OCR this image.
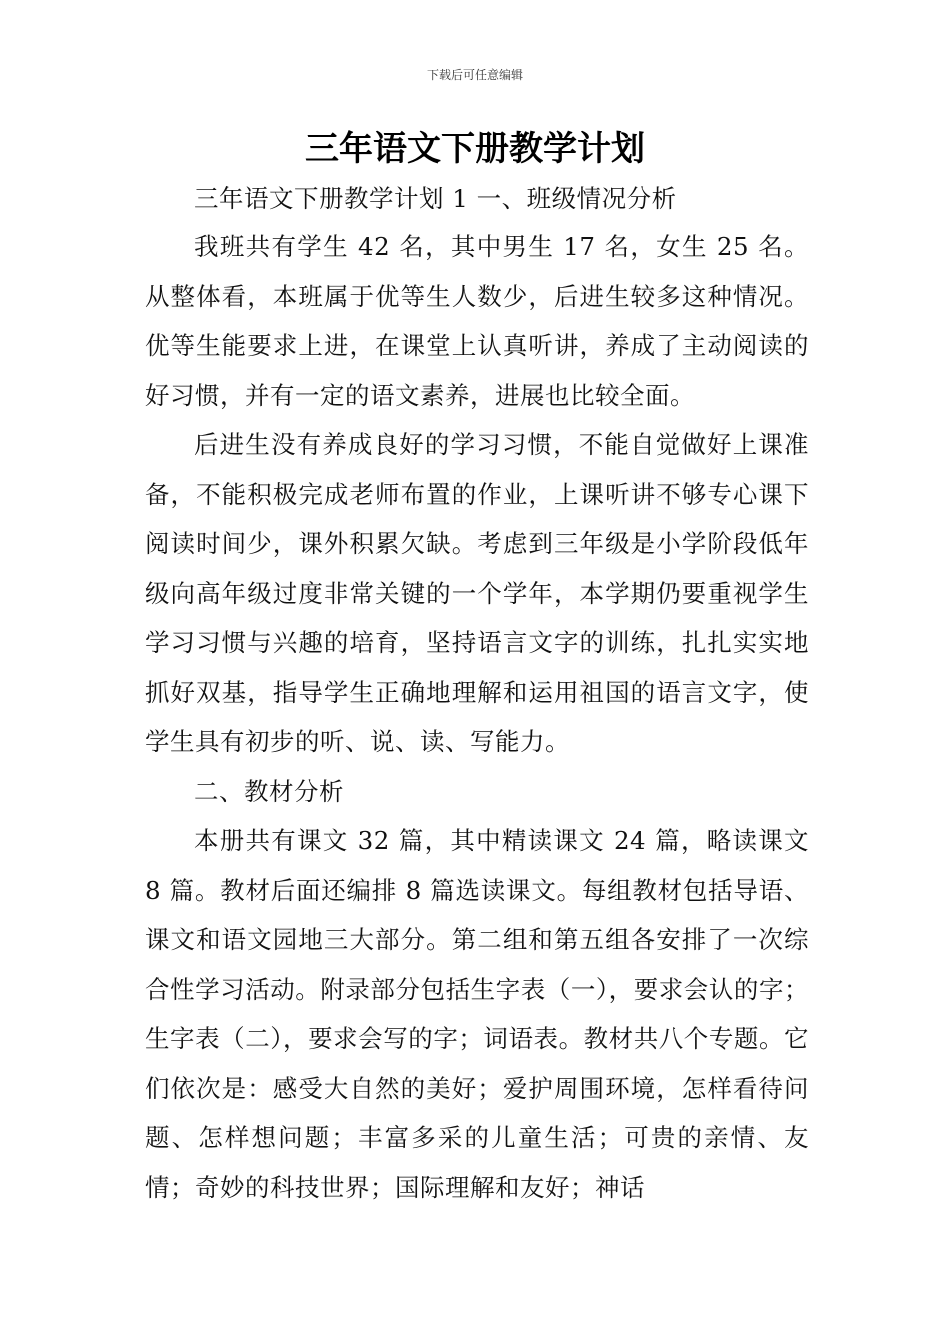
下载后可任意编辑
三年语文下册教学计划

三年语文下册教学计划 1 一、班级情况分析

我班共有学生 42 名，其中男生 17 名，女生 25 名。从整体看，本班属于优等生人数少，后进生较多这种情况。优等生能要求上进，在课堂上认真听讲，养成了主动阅读的好习惯，并有一定的语文素养，进展也比较全面。

后进生没有养成良好的学习习惯，不能自觉做好上课准备，不能积极完成老师布置的作业，上课听讲不够专心课下阅读时间少，课外积累欠缺。考虑到三年级是小学阶段低年级向高年级过度非常关键的一个学年，本学期仍要重视学生学习习惯与兴趣的培育，坚持语言文字的训练，扎扎实实地抓好双基，指导学生正确地理解和运用祖国的语言文字，使学生具有初步的听、说、读、写能力。

二、教材分析

本册共有课文 32 篇，其中精读课文 24 篇，略读课文 8 篇。教材后面还编排 8 篇选读课文。每组教材包括导语、课文和语文园地三大部分。第二组和第五组各安排了一次综合性学习活动。附录部分包括生字表（一），要求会认的字；生字表（二），要求会写的字；词语表。教材共八个专题。它们依次是：感受大自然的美好；爱护周围环境，怎样看待问题、怎样想问题；丰富多采的儿童生活；可贵的亲情、友情；奇妙的科技世界；国际理解和友好；神话
